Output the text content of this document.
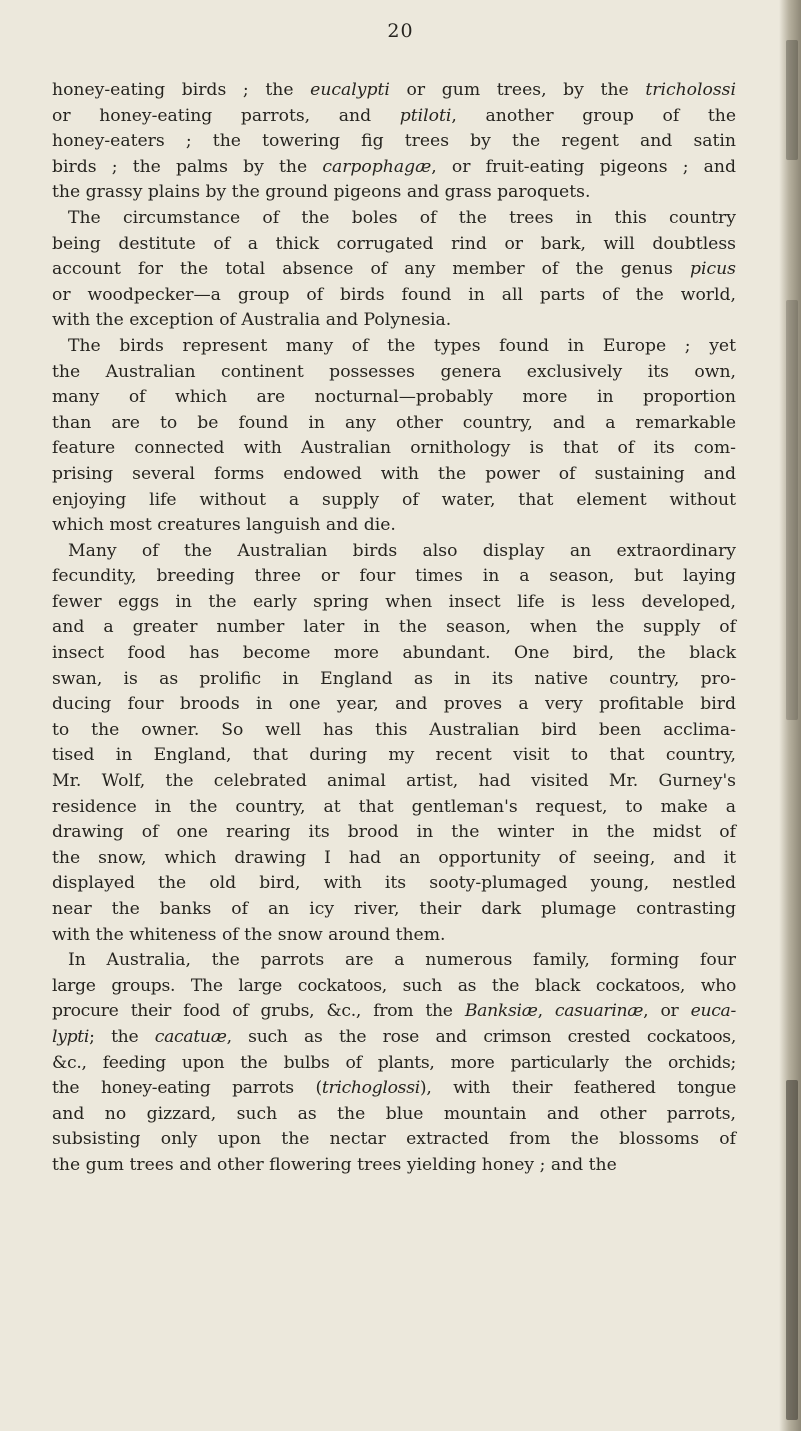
20
honey-eating birds ; the eucalypti or gum trees, by the tricholossi
or honey-eating parrots, and ptiloti, another group of the
honey-eaters ; the towering fig trees by the regent and satin
birds ; the palms by the carpophagæ, or fruit-eating pigeons ; and
the grassy plains by the ground pigeons and grass paroquets.
The circumstance of the boles of the trees in this country
being destitute of a thick corrugated rind or bark, will doubtless
account for the total absence of any member of the genus picus
or woodpecker—a group of birds found in all parts of the world,
with the exception of Australia and Polynesia.
The birds represent many of the types found in Europe ; yet
the Australian continent possesses genera exclusively its own,
many of which are nocturnal—probably more in proportion
than are to be found in any other country, and a remarkable
feature connected with Australian ornithology is that of its com-
prising several forms endowed with the power of sustaining and
enjoying life without a supply of water, that element without
which most creatures languish and die.
Many of the Australian birds also display an extraordinary
fecundity, breeding three or four times in a season, but laying
fewer eggs in the early spring when insect life is less developed,
and a greater number later in the season, when the supply of
insect food has become more abundant. One bird, the black
swan, is as prolific in England as in its native country, pro-
ducing four broods in one year, and proves a very profitable bird
to the owner. So well has this Australian bird been acclima-
tised in England, that during my recent visit to that country,
Mr. Wolf, the celebrated animal artist, had visited Mr. Gurney's
residence in the country, at that gentleman's request, to make a
drawing of one rearing its brood in the winter in the midst of
the snow, which drawing I had an opportunity of seeing, and it
displayed the old bird, with its sooty-plumaged young, nestled
near the banks of an icy river, their dark plumage contrasting
with the whiteness of the snow around them.
In Australia, the parrots are a numerous family, forming four
large groups. The large cockatoos, such as the black cockatoos, who
procure their food of grubs, &c., from the Banksiæ, casuarinæ, or euca-
lypti; the cacatuæ, such as the rose and crimson crested cockatoos,
&c., feeding upon the bulbs of plants, more particularly the orchids;
the honey-eating parrots (trichoglossi), with their feathered tongue
and no gizzard, such as the blue mountain and other parrots,
subsisting only upon the nectar extracted from the blossoms of
the gum trees and other flowering trees yielding honey ; and the
